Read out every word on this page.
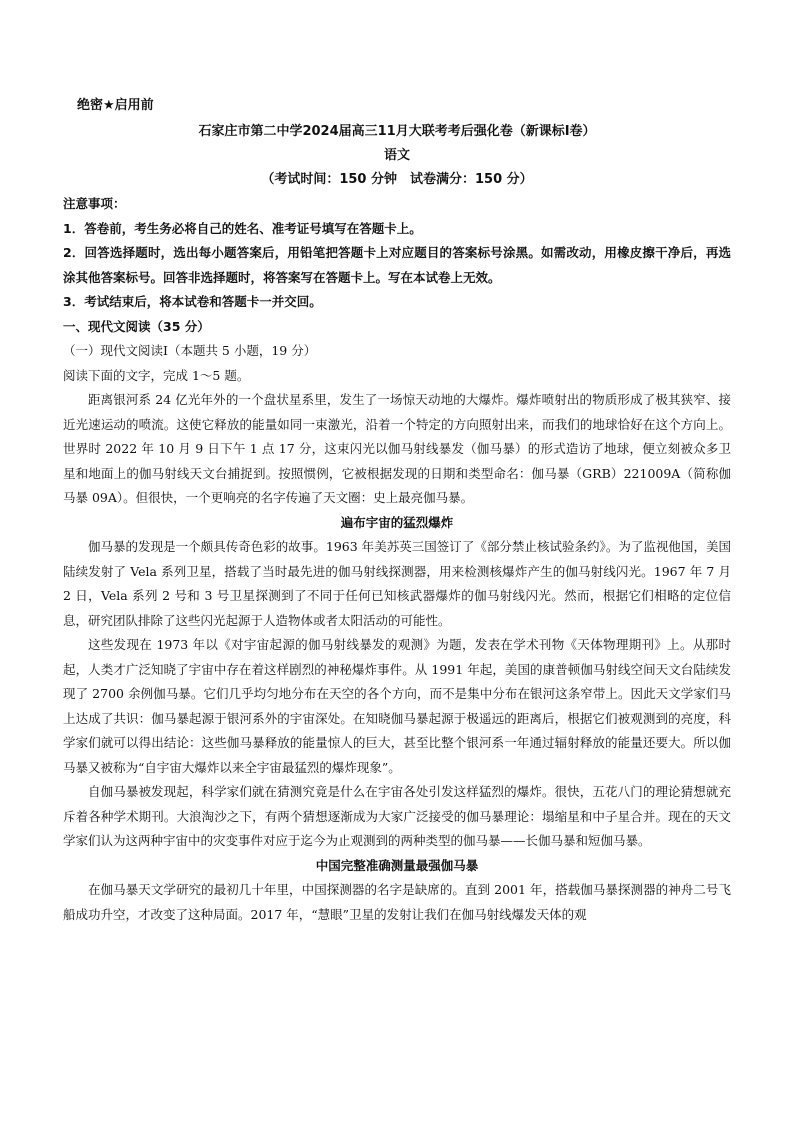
绝密★启用前

石家庄市第二中学2024届高三11月大联考考后强化卷（新课标Ⅰ卷）

语文

（考试时间：150 分钟　试卷满分：150 分）

注意事项：

1．答卷前，考生务必将自己的姓名、准考证号填写在答题卡上。

2．回答选择题时，选出每小题答案后，用铅笔把答题卡上对应题目的答案标号涂黑。如需改动，用橡皮擦干净后，再选涂其他答案标号。回答非选择题时，将答案写在答题卡上。写在本试卷上无效。

3．考试结束后，将本试卷和答题卡一并交回。

一、现代文阅读（35 分）

（一）现代文阅读Ⅰ（本题共 5 小题，19 分）

阅读下面的文字，完成 1～5 题。

距离银河系 24 亿光年外的一个盘状星系里，发生了一场惊天动地的大爆炸。爆炸喷射出的物质形成了极其狭窄、接近光速运动的喷流。这使它释放的能量如同一束激光，沿着一个特定的方向照射出来，而我们的地球恰好在这个方向上。世界时 2022 年 10 月 9 日下午 1 点 17 分，这束闪光以伽马射线暴发（伽马暴）的形式造访了地球，便立刻被众多卫星和地面上的伽马射线天文台捕捉到。按照惯例，它被根据发现的日期和类型命名：伽马暴（GRB）221009A（简称伽马暴 09A）。但很快，一个更响亮的名字传遍了天文圈：史上最亮伽马暴。

遍布宇宙的猛烈爆炸

伽马暴的发现是一个颇具传奇色彩的故事。1963 年美苏英三国签订了《部分禁止核试验条约》。为了监视他国，美国陆续发射了 Vela 系列卫星，搭载了当时最先进的伽马射线探测器，用来检测核爆炸产生的伽马射线闪光。1967 年 7 月 2 日，Vela 系列 2 号和 3 号卫星探测到了不同于任何已知核武器爆炸的伽马射线闪光。然而，根据它们相略的定位信息，研究团队排除了这些闪光起源于人造物体或者太阳活动的可能性。

这些发现在 1973 年以《对宇宙起源的伽马射线暴发的观测》为题，发表在学术刊物《天体物理期刊》上。从那时起，人类才广泛知晓了宇宙中存在着这样剧烈的神秘爆炸事件。从 1991 年起，美国的康普顿伽马射线空间天文台陆续发现了 2700 余例伽马暴。它们几乎均匀地分布在天空的各个方向，而不是集中分布在银河这条窄带上。因此天文学家们马上达成了共识：伽马暴起源于银河系外的宇宙深处。在知晓伽马暴起源于极遥远的距离后，根据它们被观测到的亮度，科学家们就可以得出结论：这些伽马暴释放的能量惊人的巨大，甚至比整个银河系一年通过辐射释放的能量还要大。所以伽马暴又被称为“自宇宙大爆炸以来全宇宙最猛烈的爆炸现象”。

自伽马暴被发现起，科学家们就在猜测究竟是什么在宇宙各处引发这样猛烈的爆炸。很快，五花八门的理论猜想就充斥着各种学术期刊。大浪淘沙之下，有两个猜想逐渐成为大家广泛接受的伽马暴理论：塌缩星和中子星合并。现在的天文学家们认为这两种宇宙中的灾变事件对应于迄今为止观测到的两种类型的伽马暴——长伽马暴和短伽马暴。

中国完整准确测量最强伽马暴

在伽马暴天文学研究的最初几十年里，中国探测器的名字是缺席的。直到 2001 年，搭载伽马暴探测器的神舟二号飞船成功升空，才改变了这种局面。2017 年，“慧眼”卫星的发射让我们在伽马射线爆发天体的观
